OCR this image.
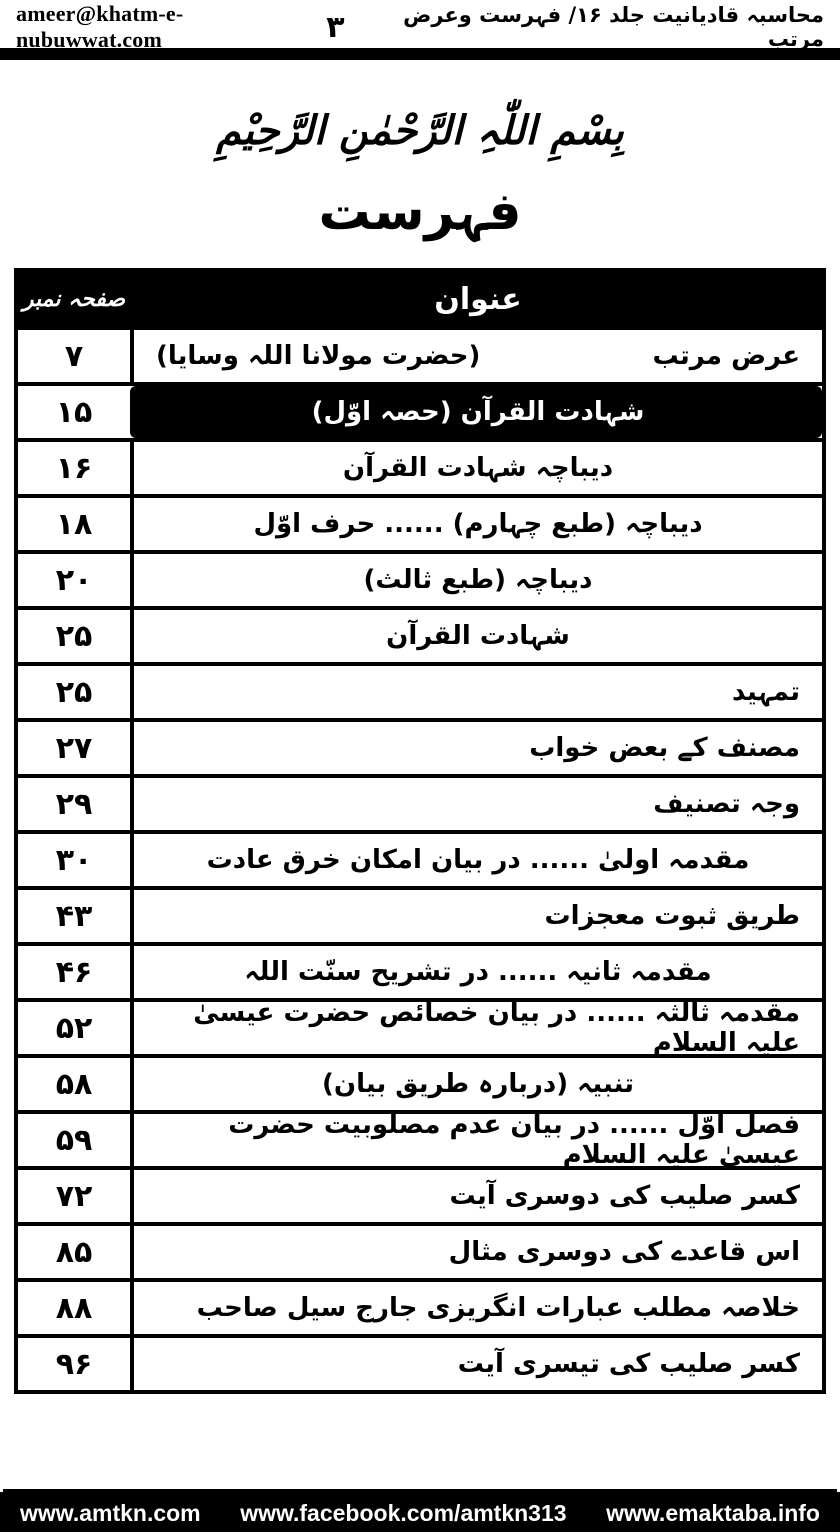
ameer@khatm-e-nubuwwat.com	٣	محاسبہ قادیانیت جلد ۱۶/ فہرست وعرض مرتب
بِسْمِ اللّٰہِ الرَّحْمٰنِ الرَّحِیْمِ
فہرست
صفحہ نمبر	عنوان
۷	عرض مرتب
(حضرت مولانا اللہ وسایا)
۱۵	شہادت القرآن (حصہ اوّل)
۱۶	دیباچہ شہادت القرآن
۱۸	دیباچہ (طبع چہارم) ...... حرف اوّل
۲۰	دیباچہ (طبع ثالث)
۲۵	شہادت القرآن
۲۵	تمہید
۲۷	مصنف کے بعض خواب
۲۹	وجہ تصنیف
۳۰	مقدمہ اولیٰ ...... در بیان امکان خرق عادت
۴۳	طریق ثبوت معجزات
۴۶	مقدمہ ثانیہ ...... در تشریح سنّت اللہ
۵۲	مقدمہ ثالثہ ...... در بیان خصائص حضرت عیسیٰ علیہ السلام
۵۸	تنبیہ (دربارہ طریق بیان)
۵۹	فصل اوّل ...... در بیان عدم مصلوبیت حضرت عیسیٰ علیہ السلام
۷۲	کسر صلیب کی دوسری آیت
۸۵	اس قاعدے کی دوسری مثال
۸۸	خلاصہ مطلب عبارات انگریزی جارج سیل صاحب
۹۶	کسر صلیب کی تیسری آیت
www.amtkn.com www.facebook.com/amtkn313 www.emaktaba.info
